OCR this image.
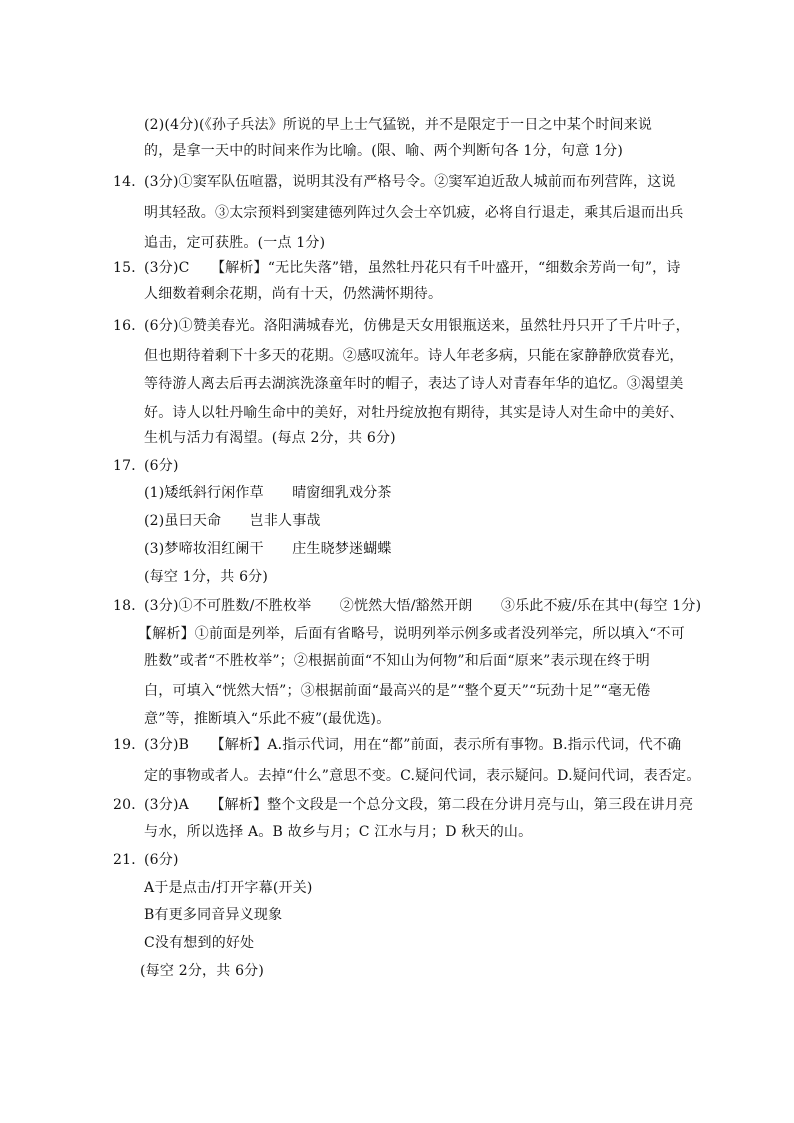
(2)(4分)(《孙子兵法》所说的早上士气猛锐，并不是限定于一日之中某个时间来说
的，是拿一天中的时间来作为比喻。(限、喻、两个判断句各 1分，句意 1分)
14．
(3分)①窦军队伍喧嚣，说明其没有严格号令。②窦军迫近敌人城前而布列营阵，这说
明其轻敌。③太宗预料到窦建德列阵过久会士卒饥疲，必将自行退走，乘其后退而出兵
追击，定可获胜。(一点 1分)
15．
(3分)C　　【解析】“无比失落”错，虽然牡丹花只有千叶盛开，“细数余芳尚一旬”，诗
人细数着剩余花期，尚有十天，仍然满怀期待。
16．
(6分)①赞美春光。洛阳满城春光，仿佛是天女用银瓶送来，虽然牡丹只开了千片叶子，
但也期待着剩下十多天的花期。②感叹流年。诗人年老多病，只能在家静静欣赏春光，
等待游人离去后再去湖滨洗涤童年时的帽子，表达了诗人对青春年华的追忆。③渴望美
好。诗人以牡丹喻生命中的美好，对牡丹绽放抱有期待，其实是诗人对生命中的美好、
生机与活力有渴望。(每点 2分，共 6分)
17．
(6分)
(1)矮纸斜行闲作草　　晴窗细乳戏分茶
(2)虽曰天命　　岂非人事哉
(3)梦啼妆泪红阑干　　庄生晓梦迷蝴蝶
(每空 1分，共 6分)
18．
(3分)①不可胜数/不胜枚举　　②恍然大悟/豁然开朗　　③乐此不疲/乐在其中(每空 1分)
【解析】①前面是列举，后面有省略号，说明列举示例多或者没列举完，所以填入“不可
胜数”或者“不胜枚举”；②根据前面“不知山为何物”和后面“原来”表示现在终于明
白，可填入“恍然大悟”；③根据前面“最高兴的是”“整个夏天”“玩劲十足”“毫无倦
意”等，推断填入“乐此不疲”(最优选)。
19．
(3分)B　　【解析】A.指示代词，用在“都”前面，表示所有事物。B.指示代词，代不确
定的事物或者人。去掉“什么”意思不变。C.疑问代词，表示疑问。D.疑问代词，表否定。
20．
(3分)A　　【解析】整个文段是一个总分文段，第二段在分讲月亮与山，第三段在讲月亮
与水，所以选择 A。B 故乡与月；C 江水与月；D 秋天的山。
21．
(6分)
A于是点击/打开字幕(开关)
B有更多同音异义现象
C没有想到的好处
(每空 2分，共 6分)
